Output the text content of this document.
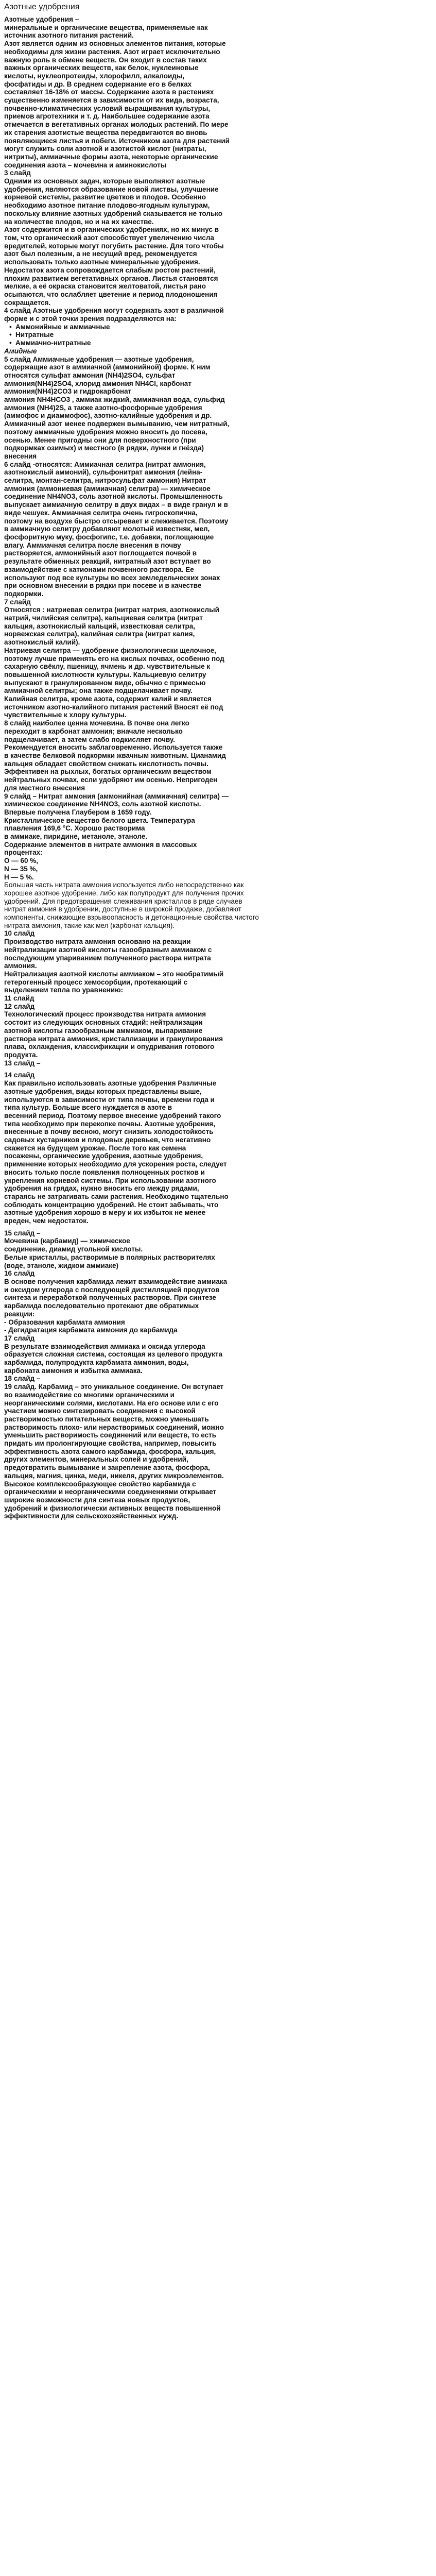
Азотные удобрения
Азотные удобрения –
минеральные и органические вещества, применяемые как
источник азотного питания растений.
Азот является одним из основных элементов питания, которые
необходимы для жизни растения. Азот играет исключительно
важную роль в обмене веществ. Он входит в состав таких
важных органических веществ, как белок, нуклеиновые
кислоты, нуклеопротеиды, хлорофилл, алкалоиды,
фосфатиды и др. В среднем содержание его в белках
составляет 16-18% от массы. Содержание азота в растениях
существенно изменяется в зависимости от их вида, возраста,
почвенно-климатических условий выращивания культуры,
приемов агротехники и т. д. Наибольшее содержание азота
отмечается в вегетативных органах молодых растений. По мере
их старения азотистые вещества передвигаются во вновь
появляющиеся листья и побеги. Источником азота для растений
могут служить соли азотной и азотистой кислот (нитраты,
нитриты), аммиачные формы азота, некоторые органические
соединения азота – мочевина и аминокислоты
3 слайд
Одними из основных задач, которые выполняют азотные
удобрения, являются образование новой листвы, улучшение
корневой системы, развитие цветков и плодов. Особенно
необходимо азотное питание плодово-ягодным культурам,
поскольку влияние азотных удобрений сказывается не только
на количестве плодов, но и на их качестве.
Азот содержится и в органических удобрениях, но их минус в
том, что органический азот способствует увеличению числа
вредителей, которые могут погубить растение. Для того чтобы
азот был полезным, а не несущий вред, рекомендуется
использовать только азотные минеральные удобрения.
Недостаток азота сопровождается слабым ростом растений,
плохим развитием вегетативных органов. Листья становятся
мелкие, а её окраска становится желтоватой, листья рано
осыпаются, что ослабляет цветение и период плодоношения
сокращается.
4 слайд Азотные удобрения могут содержать азот в различной
форме и с этой точки зрения подразделяются на:
• Аммонийные и аммиачные
• Нитратные
• Аммиачно-нитратные
Амидные
5 слайд Аммиачные удобрения — азотные удобрения,
содержащие азот в аммиачной (аммонийной) форме. К ним
относятся сульфат аммония (NH4)2SO4, сульфат
аммония(NH4)2SO4, хлорид аммония NH4Cl, карбонат
аммония(NH4)2CO3 и гидрокарбонат
аммония NH4HCO3 , аммиак жидкий, аммиачная вода, сульфид
аммония (NH4)2S, а также азотно-фосфорные удобрения
(аммофос и диаммофос), азотно-калийные удобрения и др.
Аммиачный азот менее подвержен вымыванию, чем нитратный,
поэтому аммиачные удобрения можно вносить до посева,
осенью. Менее пригодны они для поверхностного (при
подкормках озимых) и местного (в рядки, лунки и гнёзда)
внесения
6 слайд -относятся: Аммиачная селитра (нитрат аммония,
азотнокислый аммоний), сульфонитрат аммония (лейна-
селитра, монтан-селитра, нитросульфат аммония) Нитрат
аммония (аммониевая (аммиачная) селитра) — химическое
соединение NH4NO3, соль азотной кислоты. Промышленность
выпускает аммиачную селитру в двух видах – в виде гранул и в
виде чешуек. Аммиачная селитра очень гигроскопична,
поэтому на воздухе быстро отсыревает и слеживается. Поэтому
в аммиачную селитру добавляют молотый известняк, мел,
фосфоритную муку, фосфогипс, т.е. добавки, поглощающие
влагу. Аммиачная селитра после внесения в почву
растворяется, аммонийный азот поглощается почвой в
результате обменных реакций, нитратный азот вступает во
взаимодействие с катионами почвенного раствора. Ее
используют под все культуры во всех земледельческих зонах
при основном внесении в рядки при посеве и в качестве
подкормки.
7 слайд
Относятся : натриевая селитра (нитрат натрия, азотнокислый
натрий, чилийская селитра), кальциевая селитра (нитрат
кальция, азотнокислый кальций, известковая селитра,
норвежская селитра), калийная селитра (нитрат калия,
азотнокислый калий).
Натриевая селитра — удобрение физиологически щелочное,
поэтому лучше применять его на кислых почвах, особенно под
сахарную свёклу, пшеницу, ячмень и др. чувствительные к
повышенной кислотности культуры. Кальциевую селитру
выпускают в гранулированном виде, обычно с примесью
аммиачной селитры; она также подщелачивает почву.
Калийная селитра, кроме азота, содержит калий и является
источником азотно-калийного питания растений Вносят её под
чувствительные к хлору культуры.
8 слайд наиболее ценна мочевина. В почве она легко
переходит в карбонат аммония; вначале несколько
подщелачивает, а затем слабо подкисляет почву.
Рекомендуется вносить заблаговременно. Используется также
в качестве белковой подкормки жвачным животным. Цианамид
кальция обладает свойством снижать кислотность почвы.
Эффективен на рыхлых, богатых органическим веществом
нейтральных почвах, если удобряют им осенью. Непригоден
для местного внесения
9 слайд – Нитрат аммония (аммонийная (аммиачная) селитра) —
химическое соединение NH4NO3, соль азотной кислоты.
Впервые получена Глаубером в 1659 году.
Кристаллическое вещество белого цвета. Температура
плавления 169,6 °C. Хорошо растворима
в аммиаке, пиридине, метаноле, этаноле.
Содержание элементов в нитрате аммония в массовых
процентах:
O — 60 %,
N — 35 %,
H — 5 %.
Большая часть нитрата аммония используется либо непосредственно как
хорошее азотное удобрение, либо как полупродукт для получения прочих
удобрений. Для предотвращения слеживания кристаллов в ряде случаев
нитрат аммония в удобрении, доступные в широкой продаже, добавляют
компоненты, снижающие взрывоопасность и детонационные свойства чистого
нитрата аммония, такие как мел (карбонат кальция).
10 слайд
Производство нитрата аммония основано на реакции
нейтрализации азотной кислоты газообразным аммиаком с
последующим упариванием полученного раствора нитрата
аммония.
Нейтрализация азотной кислоты аммиаком – это необратимый
гетерогенный процесс хемосорбции, протекающий с
выделением тепла по уравнению:
11 слайд
12 слайд
Технологический процесс производства нитрата аммония
состоит из следующих основных стадий: нейтрализации
азотной кислоты газообразным аммиаком, выпаривание
раствора нитрата аммония, кристаллизации и гранулирования
плава, охлаждения, классификации и опудривания готового
продукта.
13 слайд –
14 слайд
Как правильно использовать азотные удобрения Различные
азотные удобрения, виды которых представлены выше,
используются в зависимости от типа почвы, времени года и
типа культур. Больше всего нуждается в азоте в
весенний период. Поэтому первое внесение удобрений такого
типа необходимо при перекопке почвы. Азотные удобрения,
внесенные в почву весною, могут снизить холодостойкость
садовых кустарников и плодовых деревьев, что негативно
скажется на будущем урожае. После того как семена
посажены, органические удобрения, азотные удобрения,
применение которых необходимо для ускорения роста, следует
вносить только после появления полноценных ростков и
укрепления корневой системы. При использовании азотного
удобрения на грядах, нужно вносить его между рядами,
стараясь не затрагивать сами растения. Необходимо тщательно
соблюдать концентрацию удобрений. Не стоит забывать, что
азотные удобрения хорошо в меру и их избыток не менее
вреден, чем недостаток.
15 слайд –
Мочевина (карбамид) — химическое
соединение, диамид угольной кислоты.
Белые кристаллы, растворимые в полярных растворителях
(воде, этаноле, жидком аммиаке)
16 слайд
В основе получения карбамида лежит взаимодействие аммиака
и оксидом углерода с последующей дистилляцией продуктов
синтеза и переработкой полученных растворов. При синтезе
карбамида последовательно протекают две обратимых
реакции:
- Образования карбамата аммония
- Дегидратация карбамата аммония до карбамида
17 слайд
В результате взаимодействия аммиака и оксида углерода
образуется сложная система, состоящая из целевого продукта
карбамида, полупродукта карбамата аммония, воды,
карбоната аммония и избытка аммиака.
18 слайд –
19 слайд. Карбамид – это уникальное соединение. Он вступает
во взаимодействие со многими органическими и
неорганическими солями, кислотами. На его основе или с его
участием можно синтезировать соединения с высокой
растворимостью питательных веществ, можно уменьшать
растворимость плохо- или нерастворимых соединений, можно
уменьшить растворимость соединений или веществ, то есть
придать им пролонгирующие свойства, например, повысить
эффективность азота самого карбамида, фосфора, кальция,
других элементов, минеральных солей и удобрений,
предотвратить вымывание и закрепление азота, фосфора,
кальция, магния, цинка, меди, никеля, других микроэлементов.
Высокое комплексообразующее свойство карбамида с
органическими и неорганическими соединениями открывает
широкие возможности для синтеза новых продуктов,
удобрений и физиологически активных веществ повышенной
эффективности для сельскохозяйственных нужд.
